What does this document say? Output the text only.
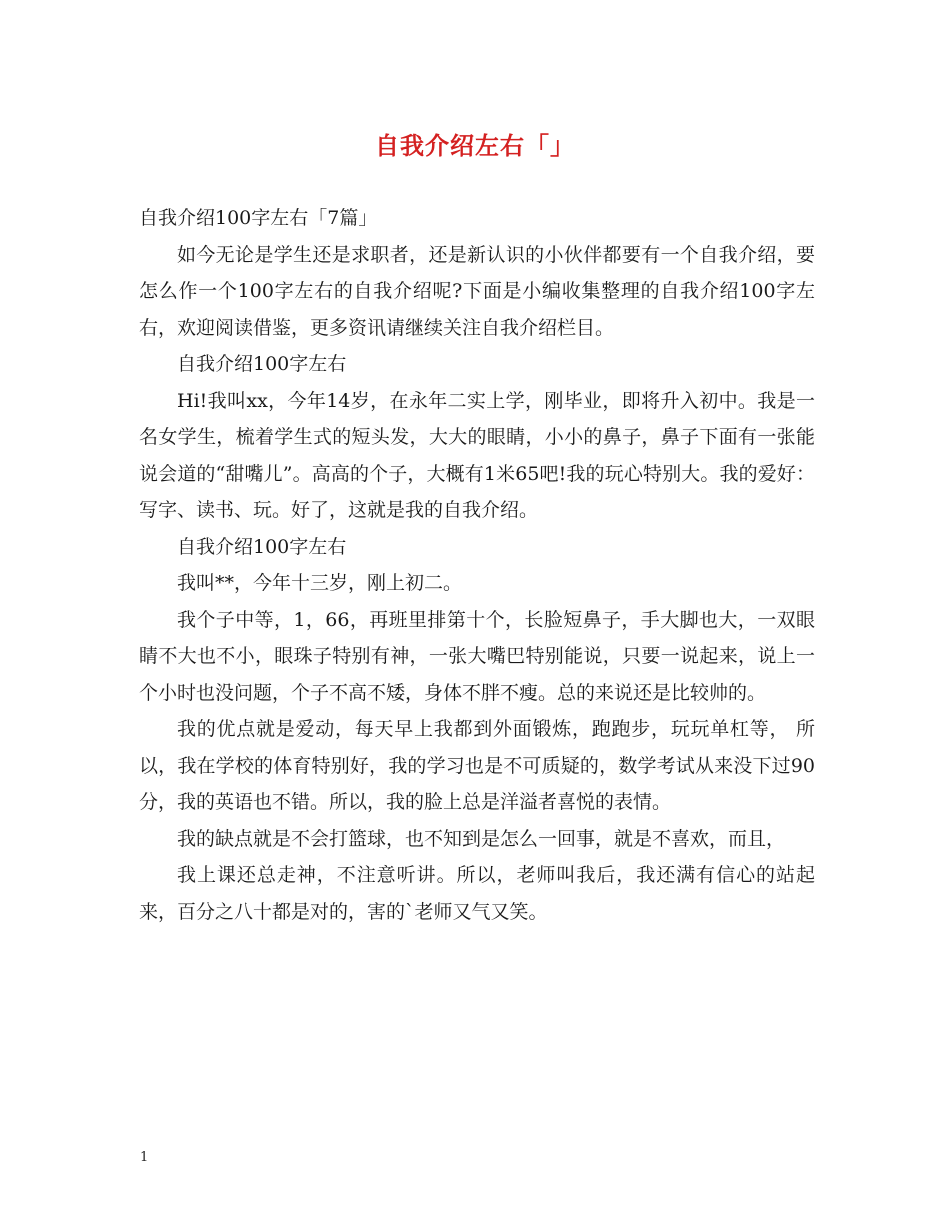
自我介绍左右「」

自我介绍100字左右「7篇」

如今无论是学生还是求职者，还是新认识的小伙伴都要有一个自我介绍，要怎么作一个100字左右的自我介绍呢?下面是小编收集整理的自我介绍100字左右，欢迎阅读借鉴，更多资讯请继续关注自我介绍栏目。

自我介绍100字左右

Hi!我叫xx，今年14岁，在永年二实上学，刚毕业，即将升入初中。我是一名女学生，梳着学生式的短头发，大大的眼睛，小小的鼻子，鼻子下面有一张能说会道的“甜嘴儿”。高高的个子，大概有1米65吧!我的玩心特别大。我的爱好：写字、读书、玩。好了，这就是我的自我介绍。

自我介绍100字左右

我叫**，今年十三岁，刚上初二。

我个子中等，1，66，再班里排第十个，长脸短鼻子，手大脚也大，一双眼睛不大也不小，眼珠子特别有神，一张大嘴巴特别能说，只要一说起来，说上一个小时也没问题，个子不高不矮，身体不胖不瘦。总的来说还是比较帅的。

我的优点就是爱动，每天早上我都到外面锻炼，跑跑步，玩玩单杠等， 所以，我在学校的体育特别好，我的学习也是不可质疑的，数学考试从来没下过90分，我的英语也不错。所以，我的脸上总是洋溢者喜悦的表情。

我的缺点就是不会打篮球，也不知到是怎么一回事，就是不喜欢，而且，

我上课还总走神，不注意听讲。所以，老师叫我后，我还满有信心的站起来，百分之八十都是对的，害的`老师又气又笑。

1
